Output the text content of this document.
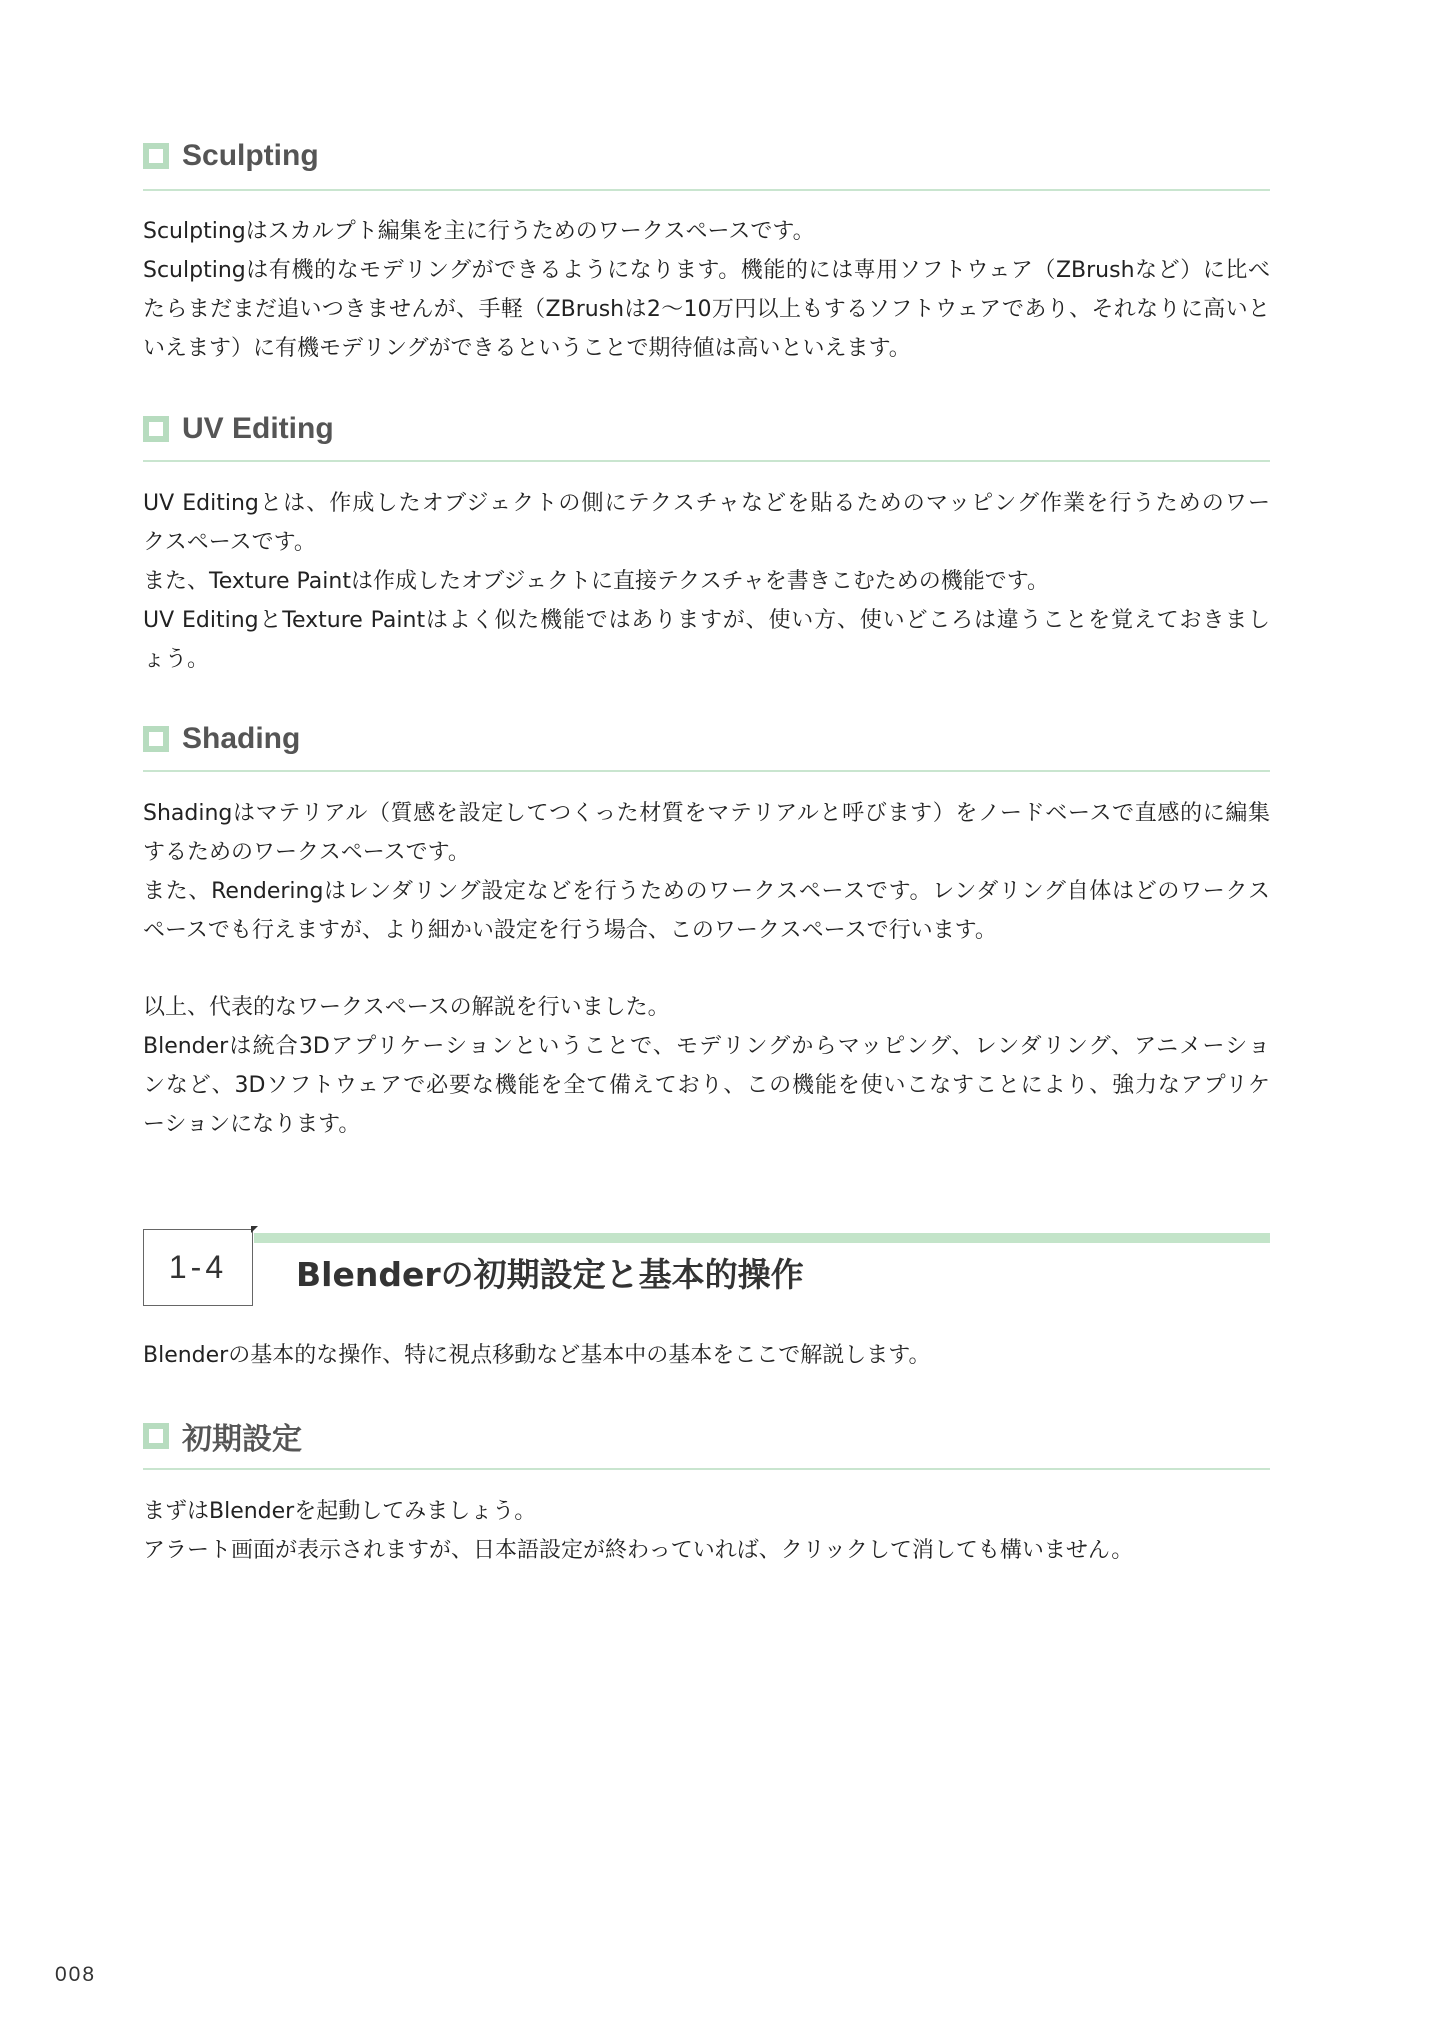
Sculpting
Sculptingはスカルプト編集を主に行うためのワークスペースです。
Sculptingは有機的なモデリングができるようになります。機能的には専用ソフトウェア（ZBrushなど）に比べ
たらまだまだ追いつきませんが、手軽（ZBrushは2〜10万円以上もするソフトウェアであり、それなりに高いと
いえます）に有機モデリングができるということで期待値は高いといえます。
UV Editing
UV Editingとは、作成したオブジェクトの側にテクスチャなどを貼るためのマッピング作業を行うためのワー
クスペースです。
また、Texture Paintは作成したオブジェクトに直接テクスチャを書きこむための機能です。
UV EditingとTexture Paintはよく似た機能ではありますが、使い方、使いどころは違うことを覚えておきまし
ょう。
Shading
Shadingはマテリアル（質感を設定してつくった材質をマテリアルと呼びます）をノードベースで直感的に編集
するためのワークスペースです。
また、Renderingはレンダリング設定などを行うためのワークスペースです。レンダリング自体はどのワークス
ペースでも行えますが、より細かい設定を行う場合、このワークスペースで行います。
以上、代表的なワークスペースの解説を行いました。
Blenderは統合3Dアプリケーションということで、モデリングからマッピング、レンダリング、アニメーショ
ンなど、3Dソフトウェアで必要な機能を全て備えており、この機能を使いこなすことにより、強力なアプリケ
ーションになります。
1-4 Blenderの初期設定と基本的操作
Blenderの基本的な操作、特に視点移動など基本中の基本をここで解説します。
初期設定
まずはBlenderを起動してみましょう。
アラート画面が表示されますが、日本語設定が終わっていれば、クリックして消しても構いません。
008
